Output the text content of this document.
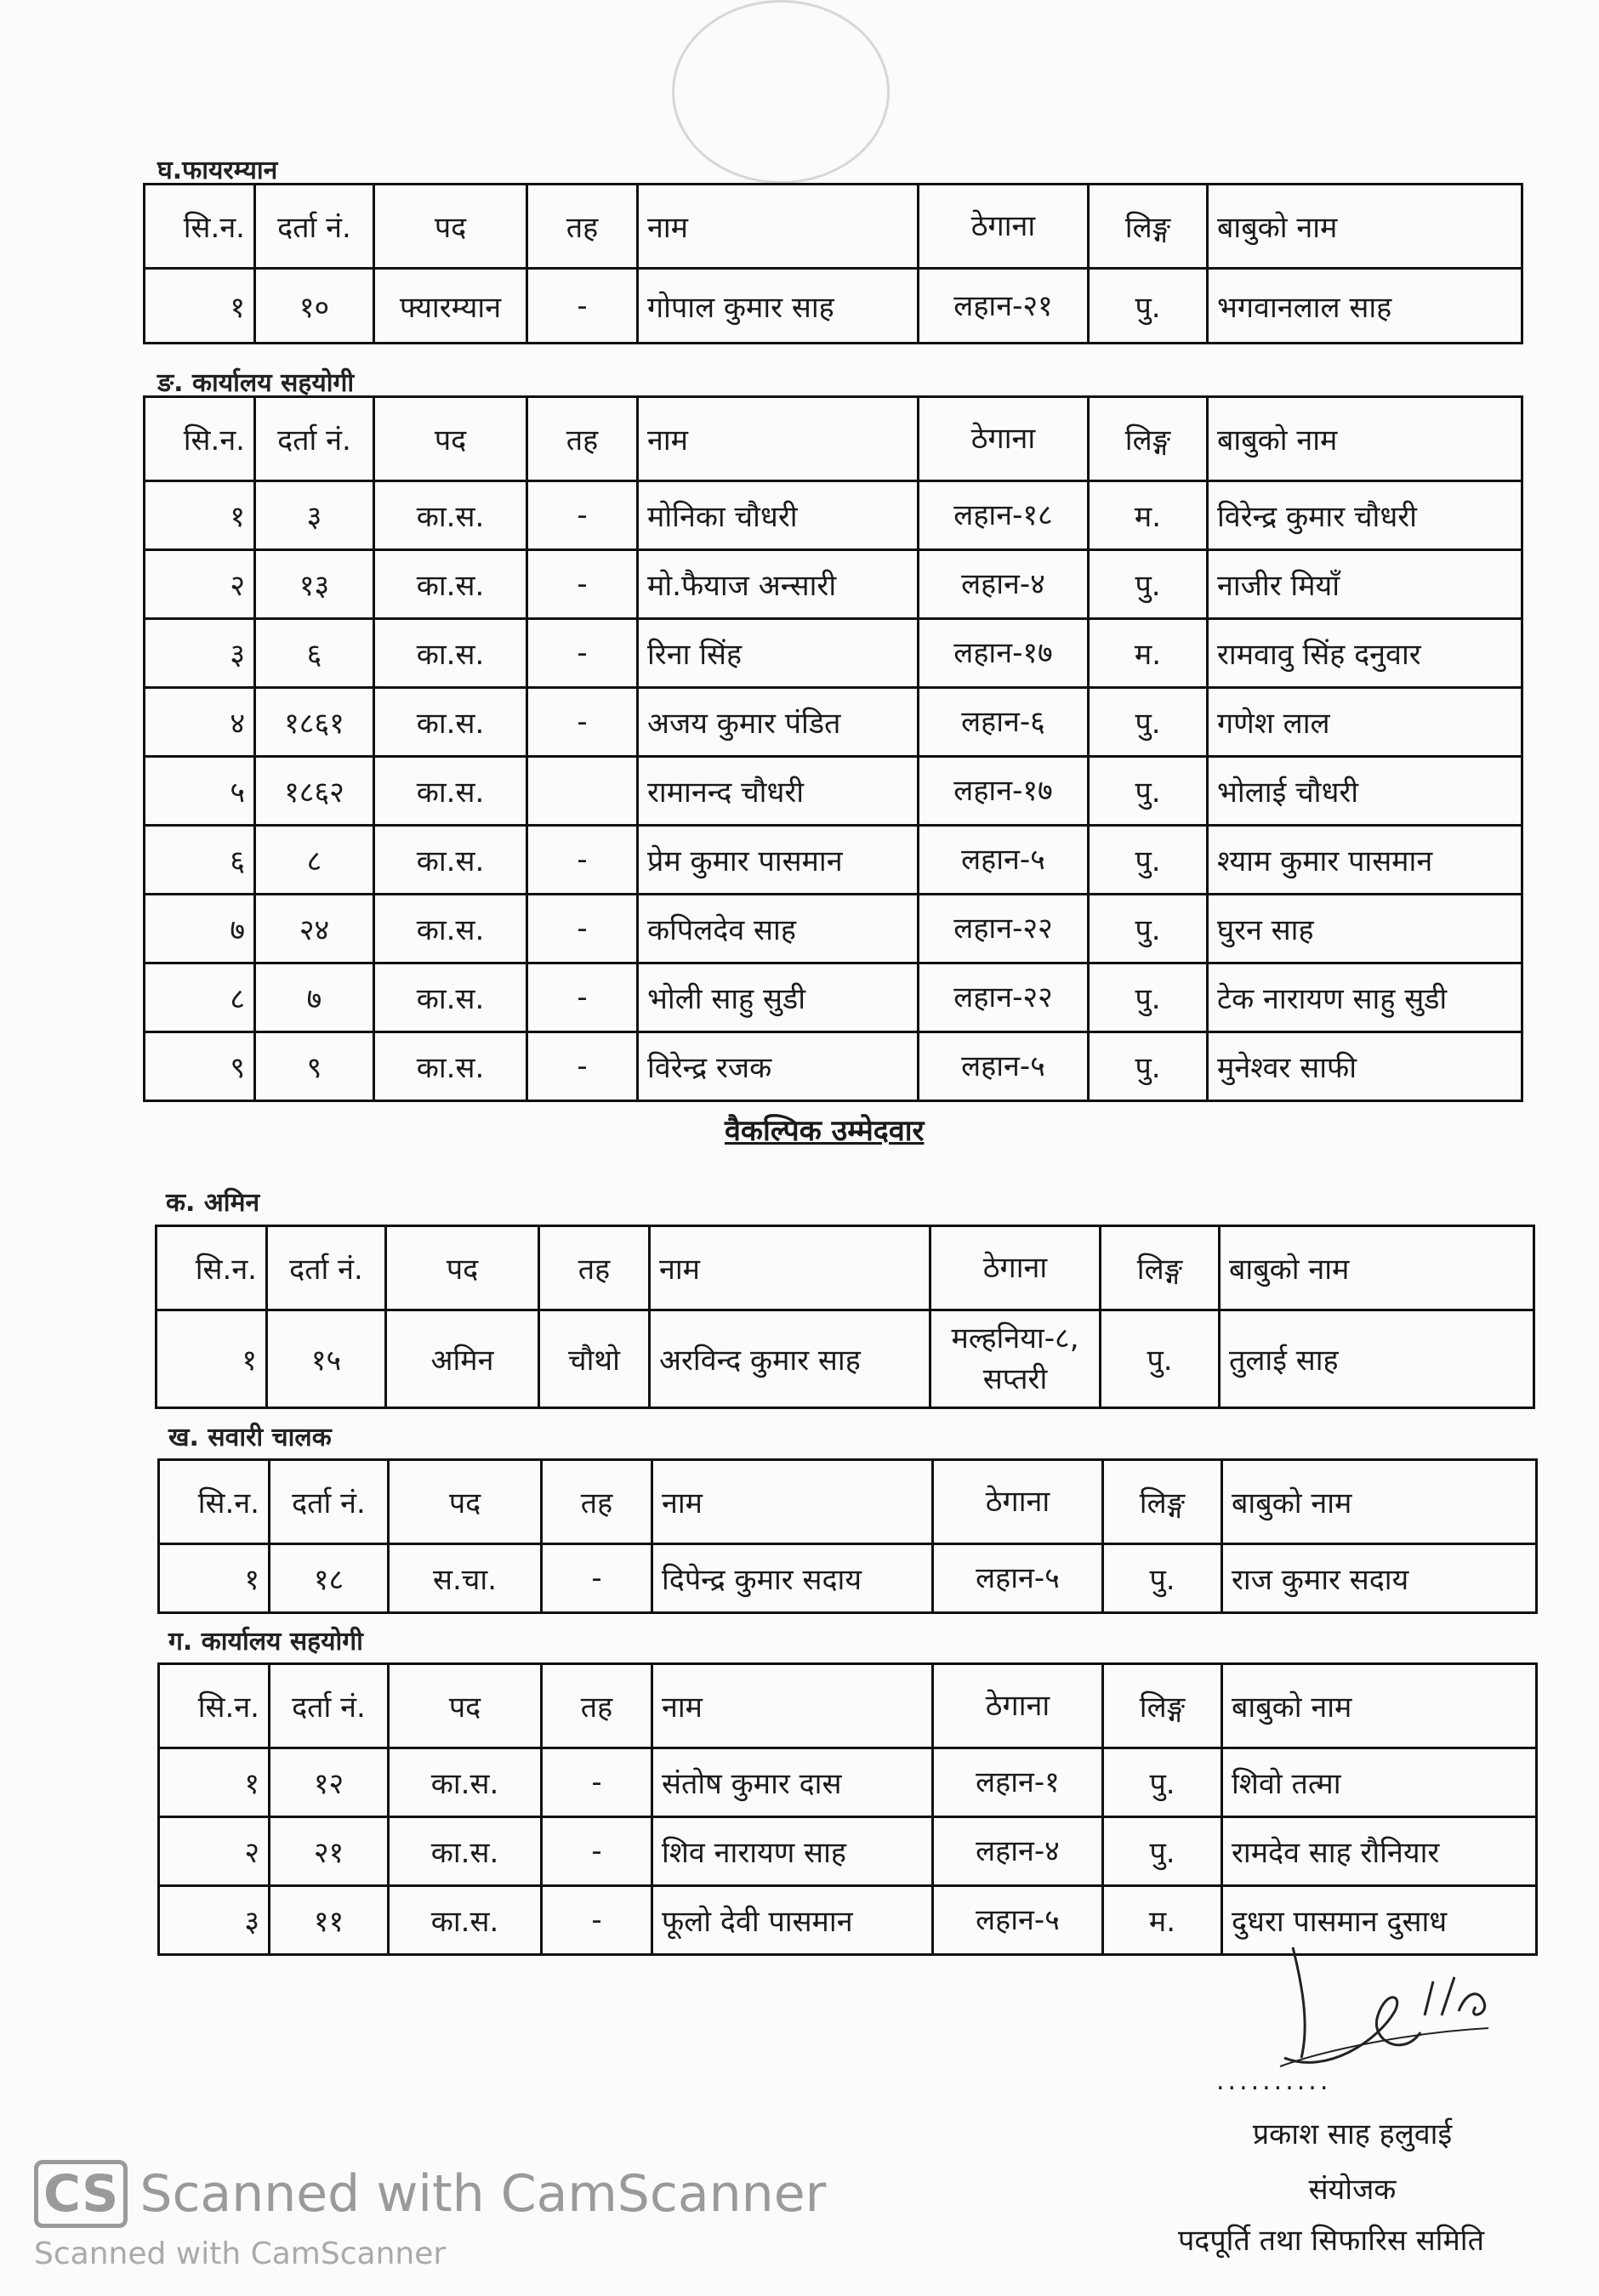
घ.फायरम्यान
सि.न.	दर्ता नं.	पद	तह	नाम	ठेगाना	लिङ्ग	बाबुको नाम
१	१०	फ्यारम्यान	-	गोपाल कुमार साह	लहान-२१	पु.	भगवानलाल साह
ङ. कार्यालय सहयोगी
सि.न.	दर्ता नं.	पद	तह	नाम	ठेगाना	लिङ्ग	बाबुको नाम
१	३	का.स.	-	मोनिका चौधरी	लहान-१८	म.	विरेन्द्र कुमार चौधरी
२	१३	का.स.	-	मो.फैयाज अन्सारी	लहान-४	पु.	नाजीर मियाँ
३	६	का.स.	-	रिना सिंह	लहान-१७	म.	रामवावु सिंह दनुवार
४	१८६१	का.स.	-	अजय कुमार पंडित	लहान-६	पु.	गणेश लाल
५	१८६२	का.स.		रामानन्द चौधरी	लहान-१७	पु.	भोलाई चौधरी
६	८	का.स.	-	प्रेम कुमार पासमान	लहान-५	पु.	श्याम कुमार पासमान
७	२४	का.स.	-	कपिलदेव साह	लहान-२२	पु.	घुरन साह
८	७	का.स.	-	भोली साहु सुडी	लहान-२२	पु.	टेक नारायण साहु सुडी
९	९	का.स.	-	विरेन्द्र रजक	लहान-५	पु.	मुनेश्वर साफी
वैकल्पिक उम्मेदवार
क. अमिन
सि.न.	दर्ता नं.	पद	तह	नाम	ठेगाना	लिङ्ग	बाबुको नाम
१	१५	अमिन	चौथो	अरविन्द कुमार साह	मल्हनिया-८, सप्तरी	पु.	तुलाई साह
ख. सवारी चालक
सि.न.	दर्ता नं.	पद	तह	नाम	ठेगाना	लिङ्ग	बाबुको नाम
१	१८	स.चा.	-	दिपेन्द्र कुमार सदाय	लहान-५	पु.	राज कुमार सदाय
ग. कार्यालय सहयोगी
सि.न.	दर्ता नं.	पद	तह	नाम	ठेगाना	लिङ्ग	बाबुको नाम
१	१२	का.स.	-	संतोष कुमार दास	लहान-१	पु.	शिवो तत्मा
२	२१	का.स.	-	शिव नारायण साह	लहान-४	पु.	रामदेव साह रौनियार
३	११	का.स.	-	फूलो देवी पासमान	लहान-५	म.	दुधरा पासमान दुसाध
..........
प्रकाश साह हलुवाई
संयोजक
पदपूर्ति तथा सिफारिस समिति
CS Scanned with CamScanner
Scanned with CamScanner
